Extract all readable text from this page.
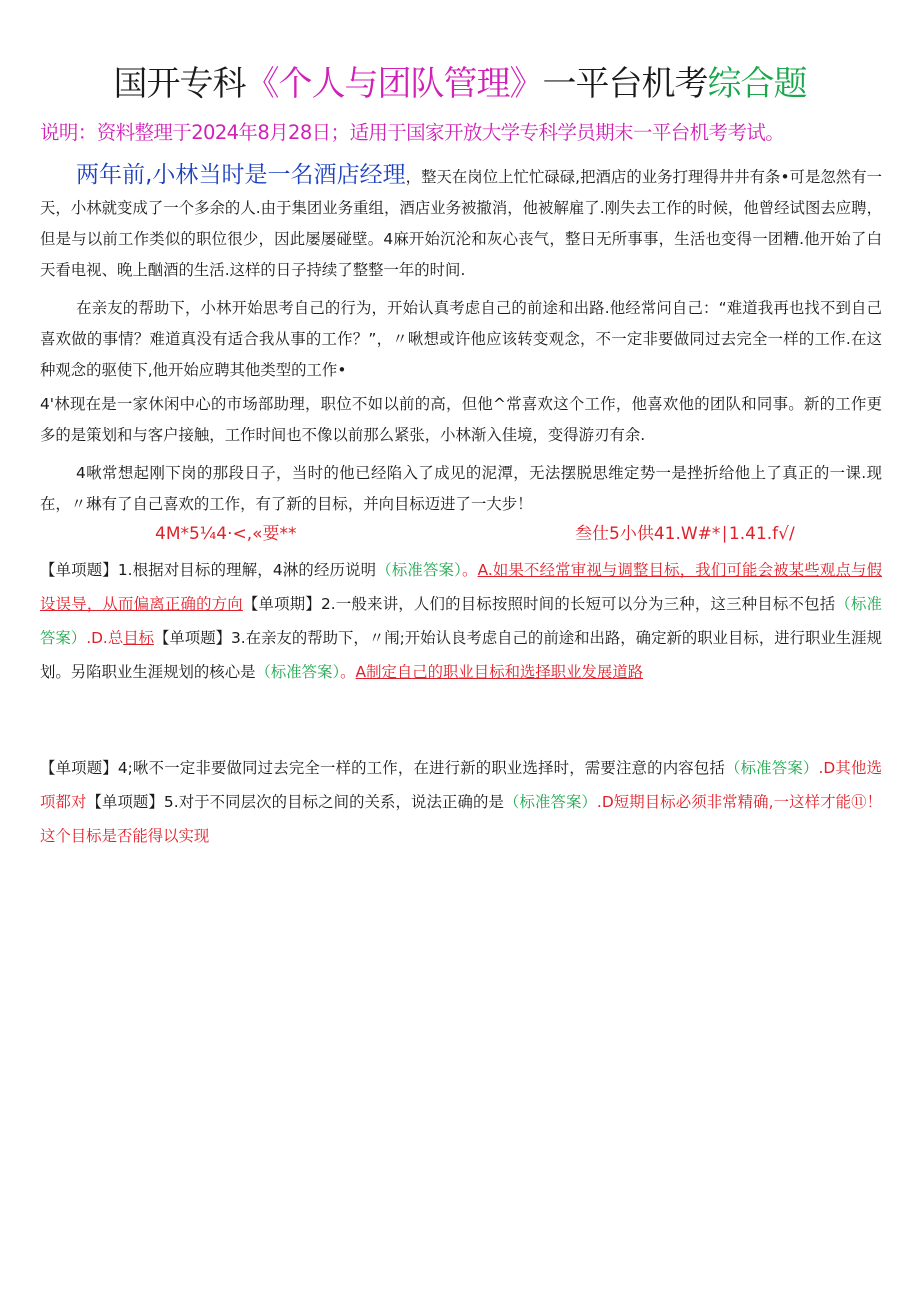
国开专科《个人与团队管理》一平台机考综合题
说明：资料整理于2024年8月28日；适用于国家开放大学专科学员期末一平台机考考试。
两年前,小林当时是一名酒店经理，整天在岗位上忙忙碌碌,把酒店的业务打理得井井有条•可是忽然有一天，小林就变成了一个多余的人.由于集团业务重组，酒店业务被撤消，他被解雇了.刚失去工作的时候，他曾经试图去应聘，但是与以前工作类似的职位很少，因此屡屡碰壁。4麻开始沉沦和灰心丧气，整日无所事事，生活也变得一团糟.他开始了白天看电视、晚上酗酒的生活.这样的日子持续了整整一年的时间.
在亲友的帮助下，小林开始思考自己的行为，开始认真考虑自己的前途和出路.他经常问自己：“难道我再也找不到自己喜欢做的事情？难道真没有适合我从事的工作？”，〃啾想或许他应该转变观念，不一定非要做同过去完全一样的工作.在这种观念的驱使下,他开始应聘其他类型的工作•
4'林现在是一家休闲中心的市场部助理，职位不如以前的高，但他^常喜欢这个工作，他喜欢他的团队和同事。新的工作更多的是策划和与客户接触，工作时间也不像以前那么紧张，小林渐入佳境，变得游刃有余.
4啾常想起刚下岗的那段日子，当时的他已经陷入了成见的泥潭，无法摆脱思维定势一是挫折给他上了真正的一课.现在，〃琳有了自己喜欢的工作，有了新的目标，并向目标迈进了一大步！
4M*5¼4·<,«要**	叁仕5小供41.W#*∣1.41.f√/
【单项题】1.根据对目标的理解，4淋的经历说明（标准答案）。A.如果不经常审视与调整目标，我们可能会被某些观点与假设误导，从而偏离正确的方向【单项期】2.一般来讲，人们的目标按照时间的长短可以分为三种，这三种目标不包括（标准答案）.D.总目标【单项题】3.在亲友的帮助下，〃闱;开始认良考虑自己的前途和出路，确定新的职业目标，进行职业生涯规划。另陷职业生涯规划的核心是（标准答案）。A制定自己的职业目标和选择职业发展道路
【单项题】4;啾不一定非要做同过去完全一样的工作，在进行新的职业选择时，需要注意的内容包括（标准答案）.D其他选项都对【单项题】5.对于不同层次的目标之间的关系，说法正确的是（标准答案）.D短期目标必须非常精确,一这样才能⑪！这个目标是否能得以实现
